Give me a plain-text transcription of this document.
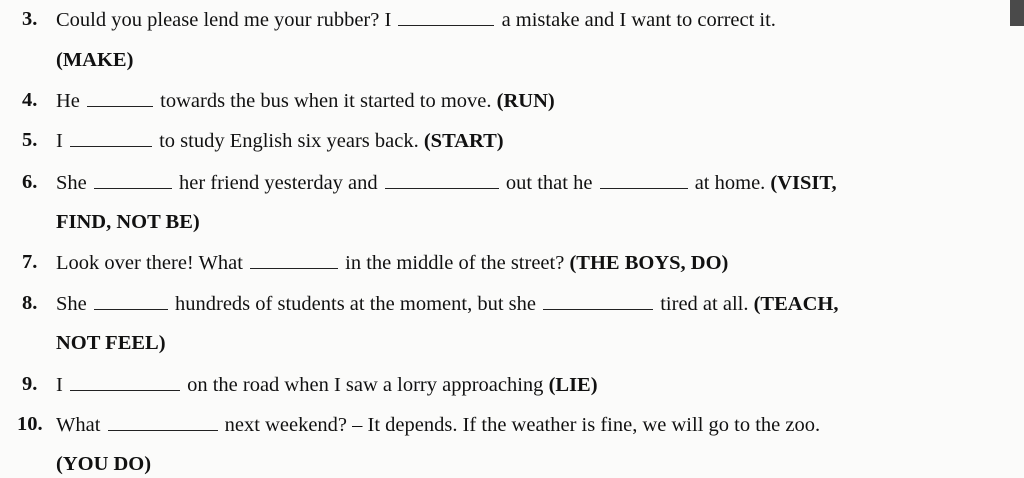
3. Could you please lend me your rubber? I	a mistake and I want to correct it.
(MAKE)
4. He	towards the bus when it started to move. (RUN)
5. I	to study English six years back. (START)
6. She	her friend yesterday and	out that he	at home. (VISIT,
FIND, NOT BE)
7. Look over there! What	in the middle of the street? (THE BOYS, DO)
8. She	hundreds of students at the moment, but she	tired at all. (TEACH,
NOT FEEL)
9. I	on the road when I saw a lorry approaching (LIE)
10. What	next weekend? – It depends. If the weather is fine, we will go to the zoo.
(YOU DO)
